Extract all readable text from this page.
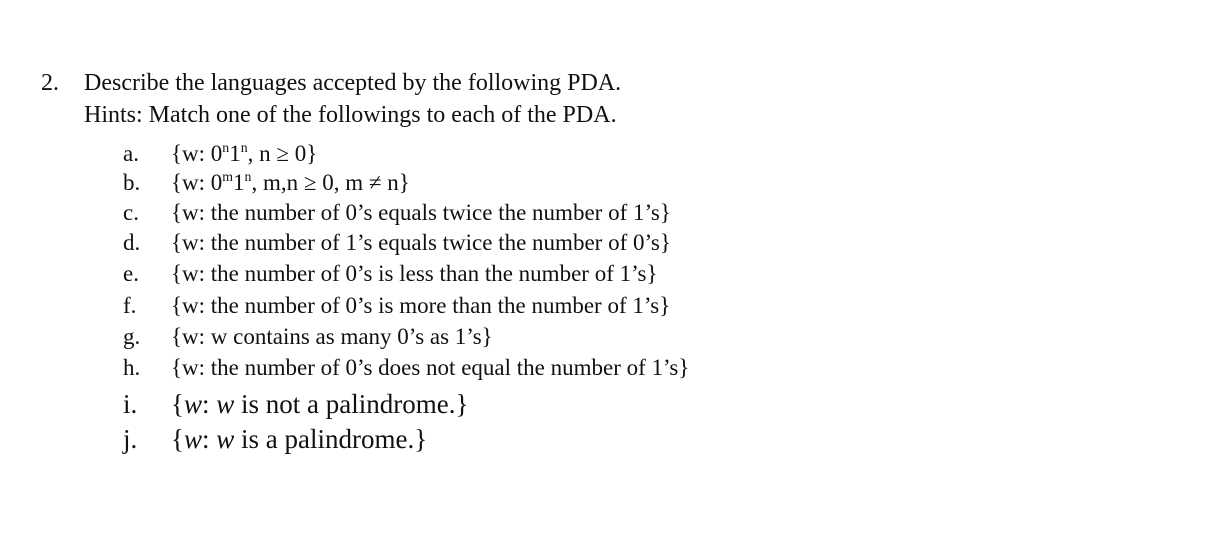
2. Describe the languages accepted by the following PDA.
Hints: Match one of the followings to each of the PDA.
a.	{w: 0$^n$1$^n$, n ≥ 0}
b.	{w: 0$^m$1$^n$, m,n ≥ 0, m ≠ n}
c.	{w: the number of 0’s equals twice the number of 1’s}
d.	{w: the number of 1’s equals twice the number of 0’s}
e.	{w: the number of 0’s is less than the number of 1’s}
f.	{w: the number of 0’s is more than the number of 1’s}
g.	{w: w contains as many 0’s as 1’s}
h.	{w: the number of 0’s does not equal the number of 1’s}
i.	{w: w is not a palindrome.}
j.	{w: w is a palindrome.}
